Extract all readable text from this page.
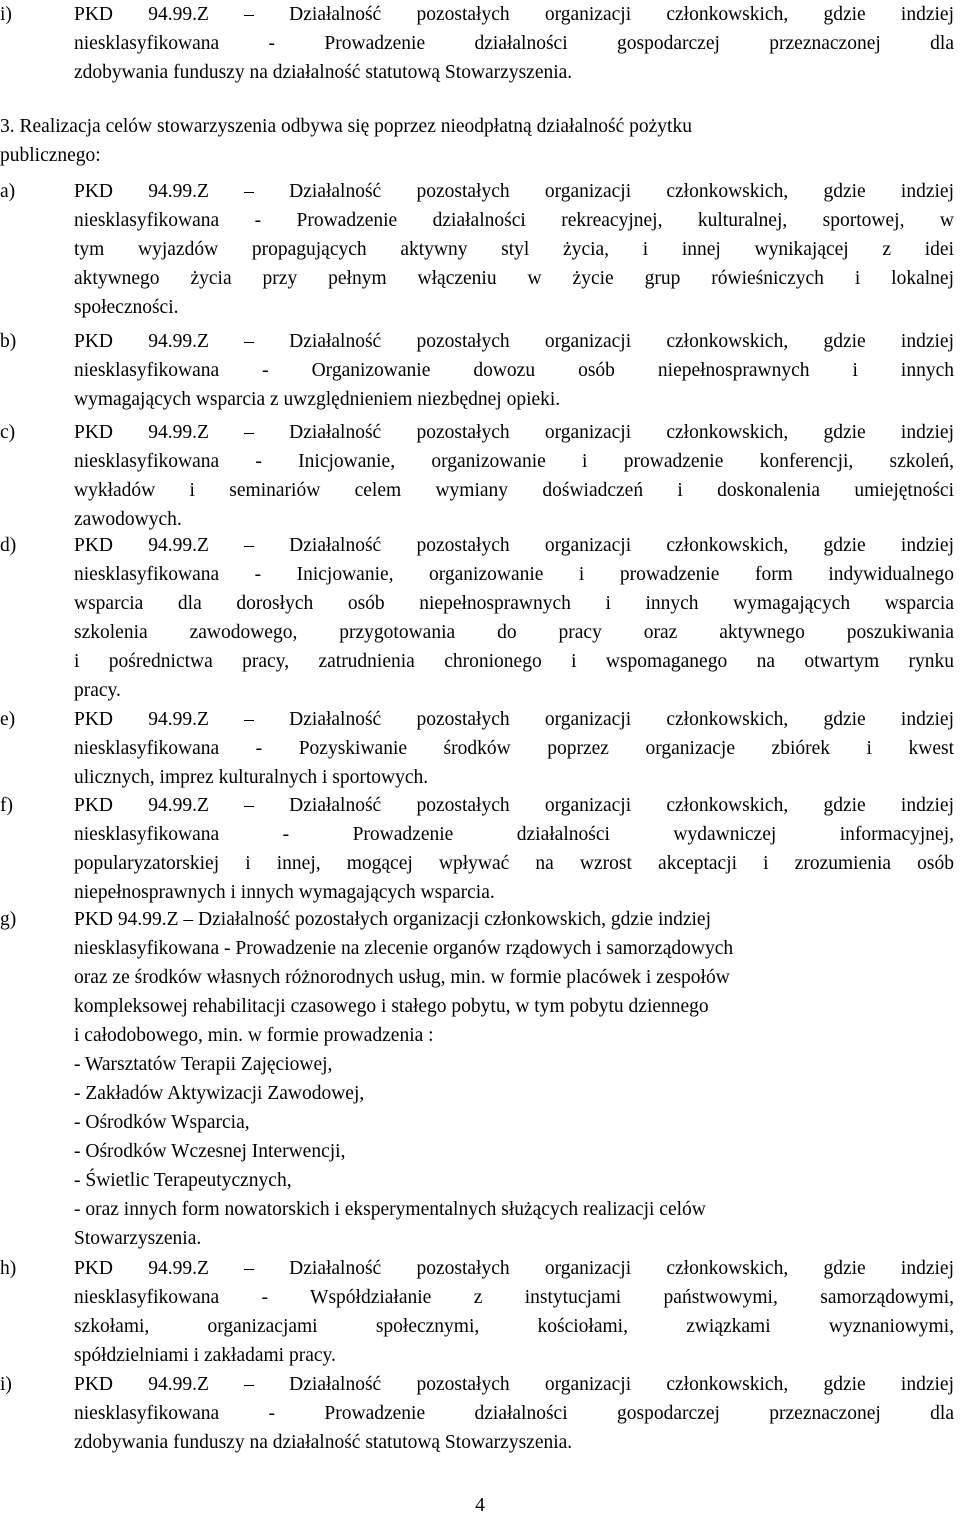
i)	PKD 94.99.Z – Działalność pozostałych organizacji członkowskich, gdzie indziej
niesklasyfikowana - Prowadzenie działalności gospodarczej przeznaczonej dla
zdobywania funduszy na działalność statutową Stowarzyszenia.
3. Realizacja celów stowarzyszenia odbywa się poprzez nieodpłatną działalność pożytku
publicznego:
a)	PKD 94.99.Z – Działalność pozostałych organizacji członkowskich, gdzie indziej
niesklasyfikowana - Prowadzenie działalności rekreacyjnej, kulturalnej, sportowej, w
tym wyjazdów propagujących aktywny styl życia, i innej wynikającej z idei
aktywnego życia przy pełnym włączeniu w życie grup rówieśniczych i lokalnej
społeczności.
b)	PKD 94.99.Z – Działalność pozostałych organizacji członkowskich, gdzie indziej
niesklasyfikowana - Organizowanie dowozu osób niepełnosprawnych i innych
wymagających wsparcia z uwzględnieniem niezbędnej opieki.
c)	PKD 94.99.Z – Działalność pozostałych organizacji członkowskich, gdzie indziej
niesklasyfikowana - Inicjowanie, organizowanie i prowadzenie konferencji, szkoleń,
wykładów i seminariów celem wymiany doświadczeń i doskonalenia umiejętności
zawodowych.
d)	PKD 94.99.Z – Działalność pozostałych organizacji członkowskich, gdzie indziej
niesklasyfikowana - Inicjowanie, organizowanie i prowadzenie form indywidualnego
wsparcia dla dorosłych osób niepełnosprawnych i innych wymagających wsparcia
szkolenia zawodowego, przygotowania do pracy oraz aktywnego poszukiwania
i pośrednictwa pracy, zatrudnienia chronionego i wspomaganego na otwartym rynku
pracy.
e)	PKD 94.99.Z – Działalność pozostałych organizacji członkowskich, gdzie indziej
niesklasyfikowana - Pozyskiwanie środków poprzez organizacje zbiórek i kwest
ulicznych, imprez kulturalnych i sportowych.
f)	PKD 94.99.Z – Działalność pozostałych organizacji członkowskich, gdzie indziej
niesklasyfikowana - Prowadzenie działalności wydawniczej informacyjnej,
popularyzatorskiej i innej, mogącej wpływać na wzrost akceptacji i zrozumienia osób
niepełnosprawnych i innych wymagających wsparcia.
g)	PKD 94.99.Z – Działalność pozostałych organizacji członkowskich, gdzie indziej
niesklasyfikowana - Prowadzenie na zlecenie organów rządowych i samorządowych
oraz ze środków własnych różnorodnych usług, min. w formie placówek i zespołów
kompleksowej rehabilitacji czasowego i stałego pobytu, w tym pobytu dziennego
i całodobowego, min. w formie prowadzenia :
- Warsztatów Terapii Zajęciowej,
- Zakładów Aktywizacji Zawodowej,
- Ośrodków Wsparcia,
- Ośrodków Wczesnej Interwencji,
- Świetlic Terapeutycznych,
- oraz innych form nowatorskich i eksperymentalnych służących realizacji celów
Stowarzyszenia.
h)	PKD 94.99.Z – Działalność pozostałych organizacji członkowskich, gdzie indziej
niesklasyfikowana - Współdziałanie z instytucjami państwowymi, samorządowymi,
szkołami, organizacjami społecznymi, kościołami, związkami wyznaniowymi,
spółdzielniami i zakładami pracy.
i)	PKD 94.99.Z – Działalność pozostałych organizacji członkowskich, gdzie indziej
niesklasyfikowana - Prowadzenie działalności gospodarczej przeznaczonej dla
zdobywania funduszy na działalność statutową Stowarzyszenia.
4
